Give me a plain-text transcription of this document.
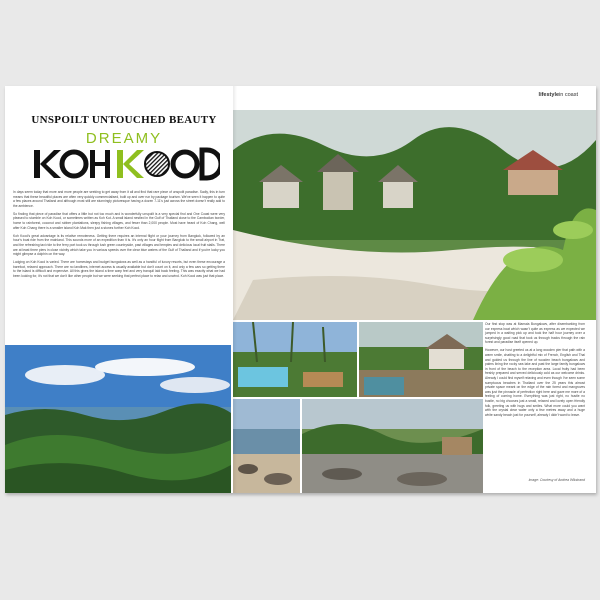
lifestylein coast
UNSPOILT UNTOUCHED BEAUTY
DREAMY

In days seem today that more and more people are seeking to get away from it all and find that rare piece of unspoilt paradise. Sadly, this in turn means that these beautiful places are often very quickly commercialised, built up and over run by package tourism. We've seen it happen to quite a few places around Thailand and although most still are stunningly picturesque having a dozen 7-11's just across the street doesn't really add to the ambience.

So finding that piece of paradise that offers a little but not too much and is wonderfully unspoilt is a very special find and One Coast were very pleased to stumble on Koh Kood, or sometimes written as Koh Kut. A small island nestled in the Gulf of Thailand close to the Cambodian border, home to rainforest, coconut and rubber plantations, sleepy fishing villages, and fewer than 2,000 people. Most have heard of Koh Chang, well after Koh Chang there is a smaller island Koh Mak then just a stones further Koh Kood.

Koh Kood's great advantage is its relative remoteness. Getting there requires an internal flight or your journey from Bangkok, followed by an hour's boat ride from the mainland. This sounds more of an expedition than it is. It's only an hour flight from Bangkok to the small airport in Trat, and the refreshing taxi ride to the ferry port took us through lush green countryside, past villages and temples and delicious local fruit stalls. There are at least three piers in close vicinity which take you in various speeds over the clear blue waters of the Gulf of Thailand and if you're lucky you might glimpse a dolphin on the way.

Lodging on Koh Kood is varied. There are homestays and budget bungalows as well as a handful of luxury resorts, but even these encourage a barefoot, relaxed approach. There are no landlines, internet access is usually available but don't count on it, and only a few cars so getting there to the island is difficult and expensive. All this gives the island a time warp feel and very tranquil laid back feeling. This was exactly what we had been looking for, it's not that we don't like other people but we were seeking that perfect place to relax and unwind. Koh Kood was just that place.

Our first stop was at Mamaia Bungalows, after disembarking from our express boat which wasn't quite as express as we expected we jumped in a waiting pick up and took the half hour journey over a surprisingly good road that took us through tracks through the rain forest and paradise itself opened up.

However, our host greeted us at a long wooden pier that path with a warm smile, chatting to a delightful mix of French, English and Thai and guided us through the line of wooden beach bungalows and palms lining the rocky sea lake and past the large family bungalows in front of the beach to the reception area. Local fruity had been freshly prepared and served deliciously cold as our welcome drinks. Already I could find myself relaxing and even though I've seen some sumptuous beaches in Thailand over the 25 years this almost private space meant on the edge of the rain forest and mangroves was just the pinnacle of perfection right here and gave me more of a feeling of coming home. Everything was just right, no hustle no bustle, no big chooses just a small, relaxed and lovely open friendly folk, greeting us with hugs and smiles. What more could you want with the crystal clear water only a few metres away and a huge white sandy beach just for yourself, already I didn't want to leave.

Image: Courtesy of Andrea Wikstrand
